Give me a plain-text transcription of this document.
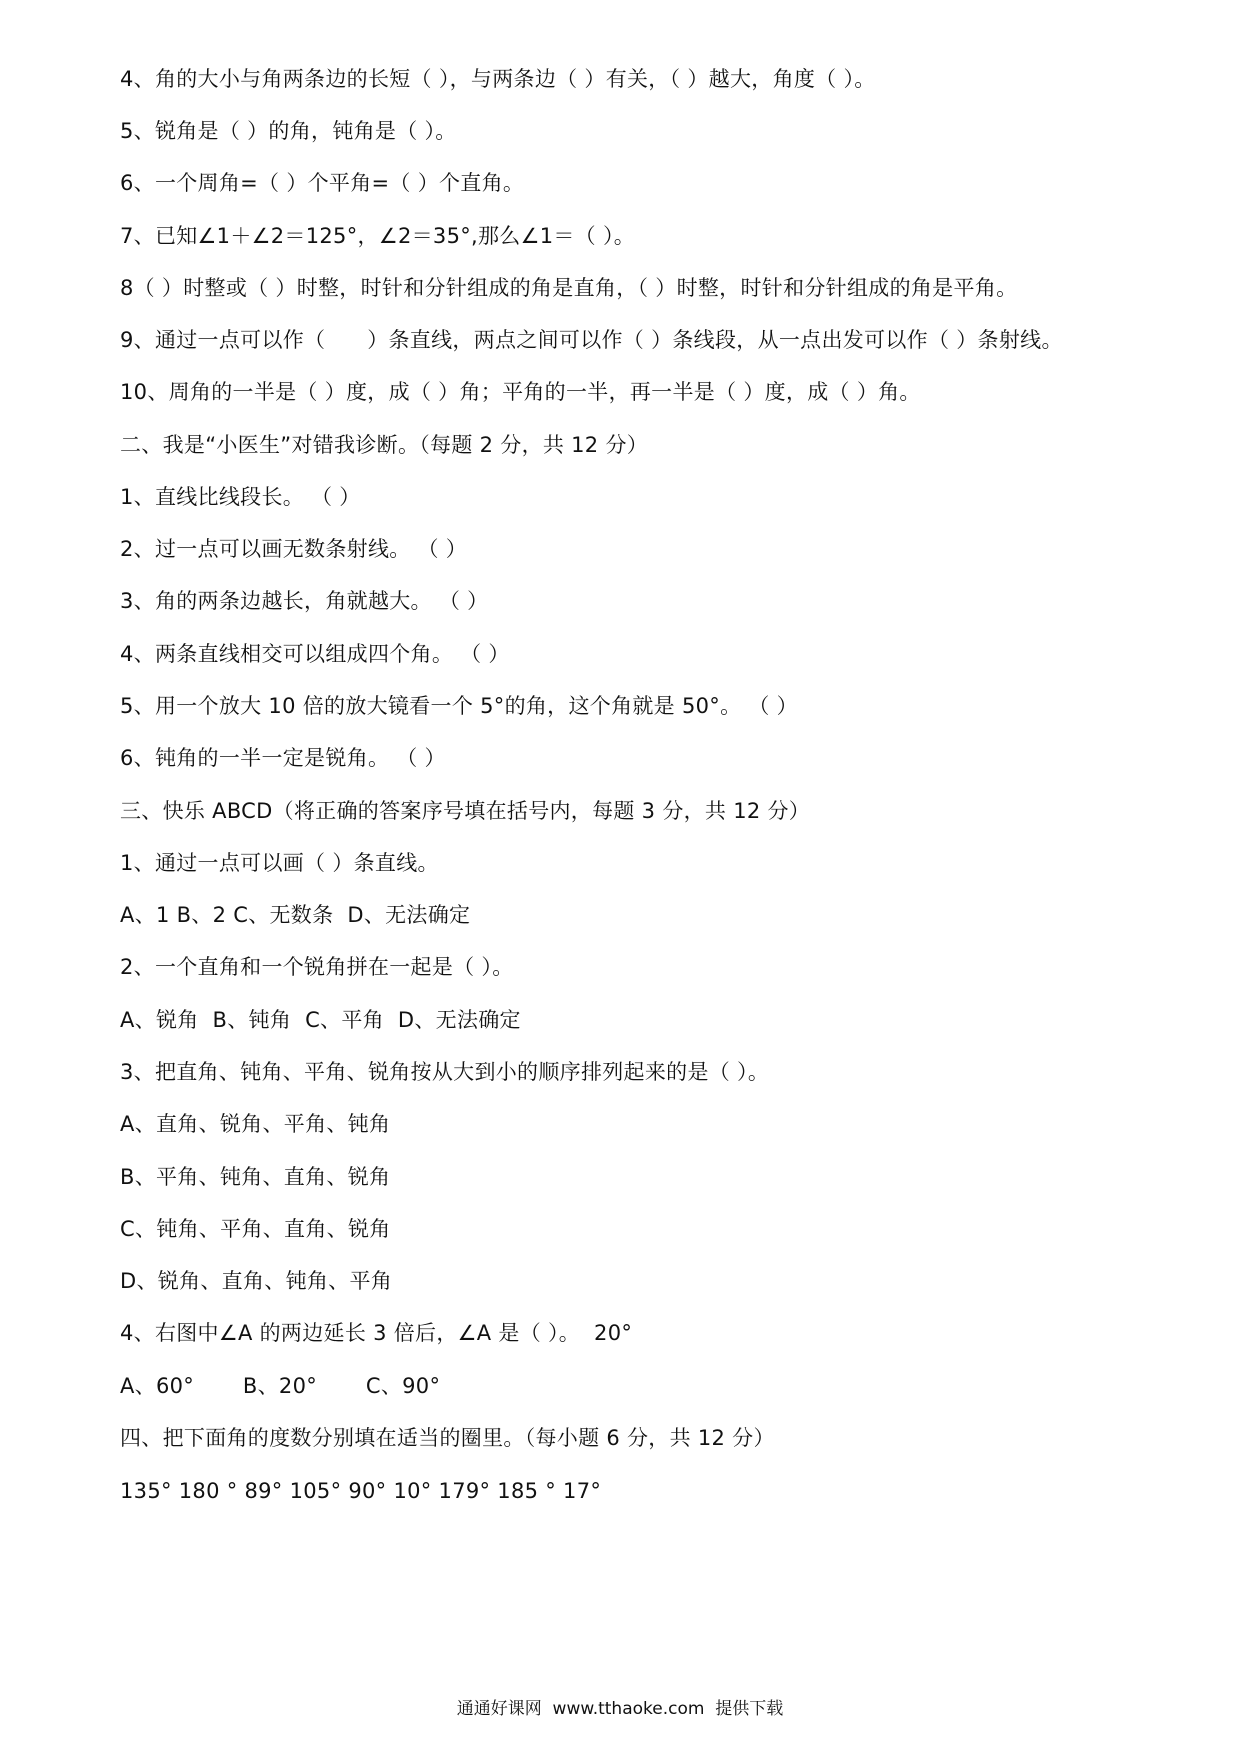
4、角的大小与角两条边的长短（ ），与两条边（ ）有关，（ ）越大，角度（ ）。
5、锐角是（ ）的角，钝角是（ ）。
6、一个周角=（ ）个平角=（ ）个直角。
7、已知∠1＋∠2＝125°，∠2＝35°,那么∠1＝（ ）。
8（ ）时整或（ ）时整，时针和分针组成的角是直角，（ ）时整，时针和分针组成的角是平角。
9、通过一点可以作（      ）条直线，两点之间可以作（ ）条线段，从一点出发可以作（ ）条射线。
10、周角的一半是（ ）度，成（ ）角；平角的一半，再一半是（ ）度，成（ ）角。
二、我是“小医生”对错我诊断。（每题 2 分，共 12 分）
1、直线比线段长。 （ ）
2、过一点可以画无数条射线。 （ ）
3、角的两条边越长，角就越大。 （ ）
4、两条直线相交可以组成四个角。 （ ）
5、用一个放大 10 倍的放大镜看一个 5°的角，这个角就是 50°。 （ ）
6、钝角的一半一定是锐角。 （ ）
三、快乐 ABCD（将正确的答案序号填在括号内，每题 3 分，共 12 分）
1、通过一点可以画（ ）条直线。
A、1 B、2 C、无数条  D、无法确定
2、一个直角和一个锐角拼在一起是（ ）。
A、锐角  B、钝角  C、平角  D、无法确定
3、把直角、钝角、平角、锐角按从大到小的顺序排列起来的是（ ）。
A、直角、锐角、平角、钝角
B、平角、钝角、直角、锐角
C、钝角、平角、直角、锐角
D、锐角、直角、钝角、平角
4、右图中∠A 的两边延长 3 倍后，∠A 是（ ）。  20°
A、60°       B、20°       C、90°
四、把下面角的度数分别填在适当的圈里。（每小题 6 分，共 12 分）
135° 180 ° 89° 105° 90° 10° 179° 185 ° 17°
通通好课网  www.tthaoke.com  提供下载
